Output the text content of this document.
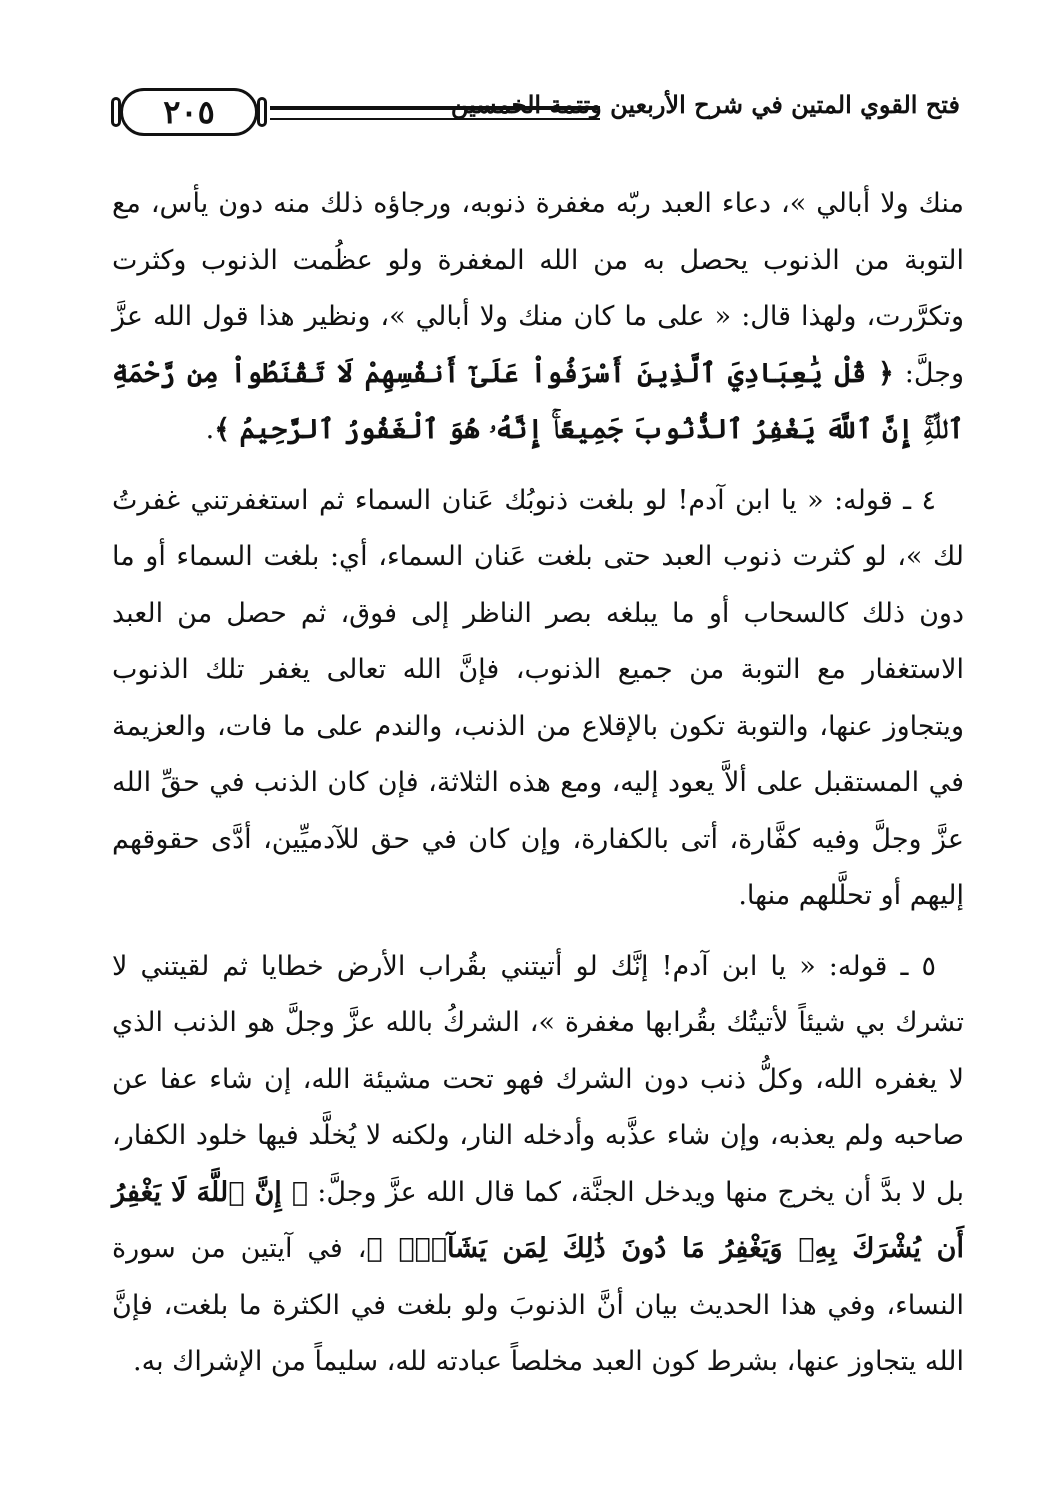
٢٠٥	فتح القوي المتين في شرح الأربعين وتتمة الخمسين

منك ولا أبالي »، دعاء العبد ربّه مغفرة ذنوبه، ورجاؤه ذلك منه دون يأس، مع التوبة من الذنوب يحصل به من الله المغفرة ولو عظُمت الذنوب وكثرت وتكرَّرت، ولهذا قال: « على ما كان منك ولا أبالي »، ونظير هذا قول الله عزَّ وجلَّ: ﴿ قُلْ يَٰعِبَادِيَ ٱلَّذِينَ أَسْرَفُواْ عَلَىٰٓ أَنفُسِهِمْ لَا تَقْنَطُواْ مِن رَّحْمَةِ ٱللَّهِۚ إِنَّ ٱللَّهَ يَغْفِرُ ٱلذُّنُوبَ جَمِيعًاۚ إِنَّهُۥ هُوَ ٱلْغَفُورُ ٱلرَّحِيمُ ﴾.

٤ ـ قوله: « يا ابن آدم! لو بلغت ذنوبُك عَنان السماء ثم استغفرتني غفرتُ لك »، لو كثرت ذنوب العبد حتى بلغت عَنان السماء، أي: بلغت السماء أو ما دون ذلك كالسحاب أو ما يبلغه بصر الناظر إلى فوق، ثم حصل من العبد الاستغفار مع التوبة من جميع الذنوب، فإنَّ الله تعالى يغفر تلك الذنوب ويتجاوز عنها، والتوبة تكون بالإقلاع من الذنب، والندم على ما فات، والعزيمة في المستقبل على ألاَّ يعود إليه، ومع هذه الثلاثة، فإن كان الذنب في حقِّ الله عزَّ وجلَّ وفيه كفَّارة، أتى بالكفارة، وإن كان في حق للآدميِّين، أدَّى حقوقهم إليهم أو تحلَّلهم منها.

٥ ـ قوله: « يا ابن آدم! إنَّك لو أتيتني بقُراب الأرض خطايا ثم لقيتني لا تشرك بي شيئاً لأتيتُك بقُرابها مغفرة »، الشركُ بالله عزَّ وجلَّ هو الذنب الذي لا يغفره الله، وكلُّ ذنب دون الشرك فهو تحت مشيئة الله، إن شاء عفا عن صاحبه ولم يعذبه، وإن شاء عذَّبه وأدخله النار، ولكنه لا يُخلَّد فيها خلود الكفار، بل لا بدَّ أن يخرج منها ويدخل الجنَّة، كما قال الله عزَّ وجلَّ: ﴿ إِنَّ ٱللَّهَ لَا يَغْفِرُ أَن يُشْرَكَ بِهِۦ وَيَغْفِرُ مَا دُونَ ذَٰلِكَ لِمَن يَشَآءُۚ ﴾، في آيتين من سورة النساء، وفي هذا الحديث بيان أنَّ الذنوبَ ولو بلغت في الكثرة ما بلغت، فإنَّ الله يتجاوز عنها، بشرط كون العبد مخلصاً عبادته لله، سليماً من الإشراك به.
